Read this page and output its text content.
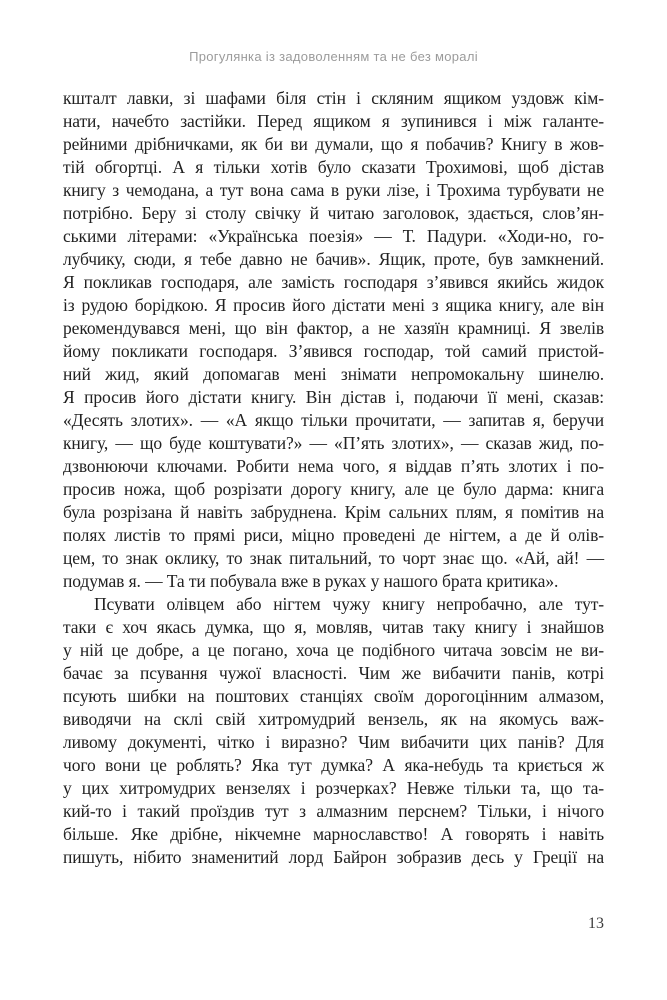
Прогулянка із задоволенням та не без моралі
кшталт лавки, зі шафами біля стін і скляним ящиком уздовж кім-
нати, начебто застійки. Перед ящиком я зупинився і між галанте-
рейними дрібничками, як би ви думали, що я побачив? Книгу в жов-
тій обгортці. А я тільки хотів було сказати Трохимові, щоб дістав
книгу з чемодана, а тут вона сама в руки лізе, і Трохима турбувати не
потрібно. Беру зі столу свічку й читаю заголовок, здається, слов’ян-
ськими літерами: «Українська поезія» — Т. Падури. «Ходи-но, го-
лубчику, сюди, я тебе давно не бачив». Ящик, проте, був замкнений.
Я покликав господаря, але замість господаря з’явився якийсь жидок
із рудою борідкою. Я просив його дістати мені з ящика книгу, але він
рекомендувався мені, що він фактор, а не хазяїн крамниці. Я звелів
йому покликати господаря. З’явився господар, той самий пристой-
ний жид, який допомагав мені знімати непромокальну шинелю.
Я просив його дістати книгу. Він дістав і, подаючи її мені, сказав:
«Десять злотих». — «А якщо тільки прочитати, — запитав я, беручи
книгу, — що буде коштувати?» — «П’ять злотих», — сказав жид, по-
дзвонюючи ключами. Робити нема чого, я віддав п’ять злотих і по-
просив ножа, щоб розрізати дорогу книгу, але це було дарма: книга
була розрізана й навіть забруднена. Крім сальних плям, я помітив на
полях листів то прямі риси, міцно проведені де нігтем, а де й олів-
цем, то знак оклику, то знак питальний, то чорт знає що. «Ай, ай! —
подумав я. — Та ти побувала вже в руках у нашого брата критика».
Псувати олівцем або нігтем чужу книгу непробачно, але тут-
таки є хоч якась думка, що я, мовляв, читав таку книгу і знайшов
у ній це добре, а це погано, хоча це подібного читача зовсім не ви-
бачає за псування чужої власності. Чим же вибачити панів, котрі
псують шибки на поштових станціях своїм дорогоцінним алмазом,
виводячи на склі свій хитромудрий вензель, як на якомусь важ-
ливому документі, чітко і виразно? Чим вибачити цих панів? Для
чого вони це роблять? Яка тут думка? А яка-небудь та криється ж
у цих хитромудрих вензелях і розчерках? Невже тільки та, що та-
кий-то і такий проїздив тут з алмазним перснем? Тільки, і нічого
більше. Яке дрібне, нікчемне марнославство! А говорять і навіть
пишуть, нібито знаменитий лорд Байрон зобразив десь у Греції на
13
